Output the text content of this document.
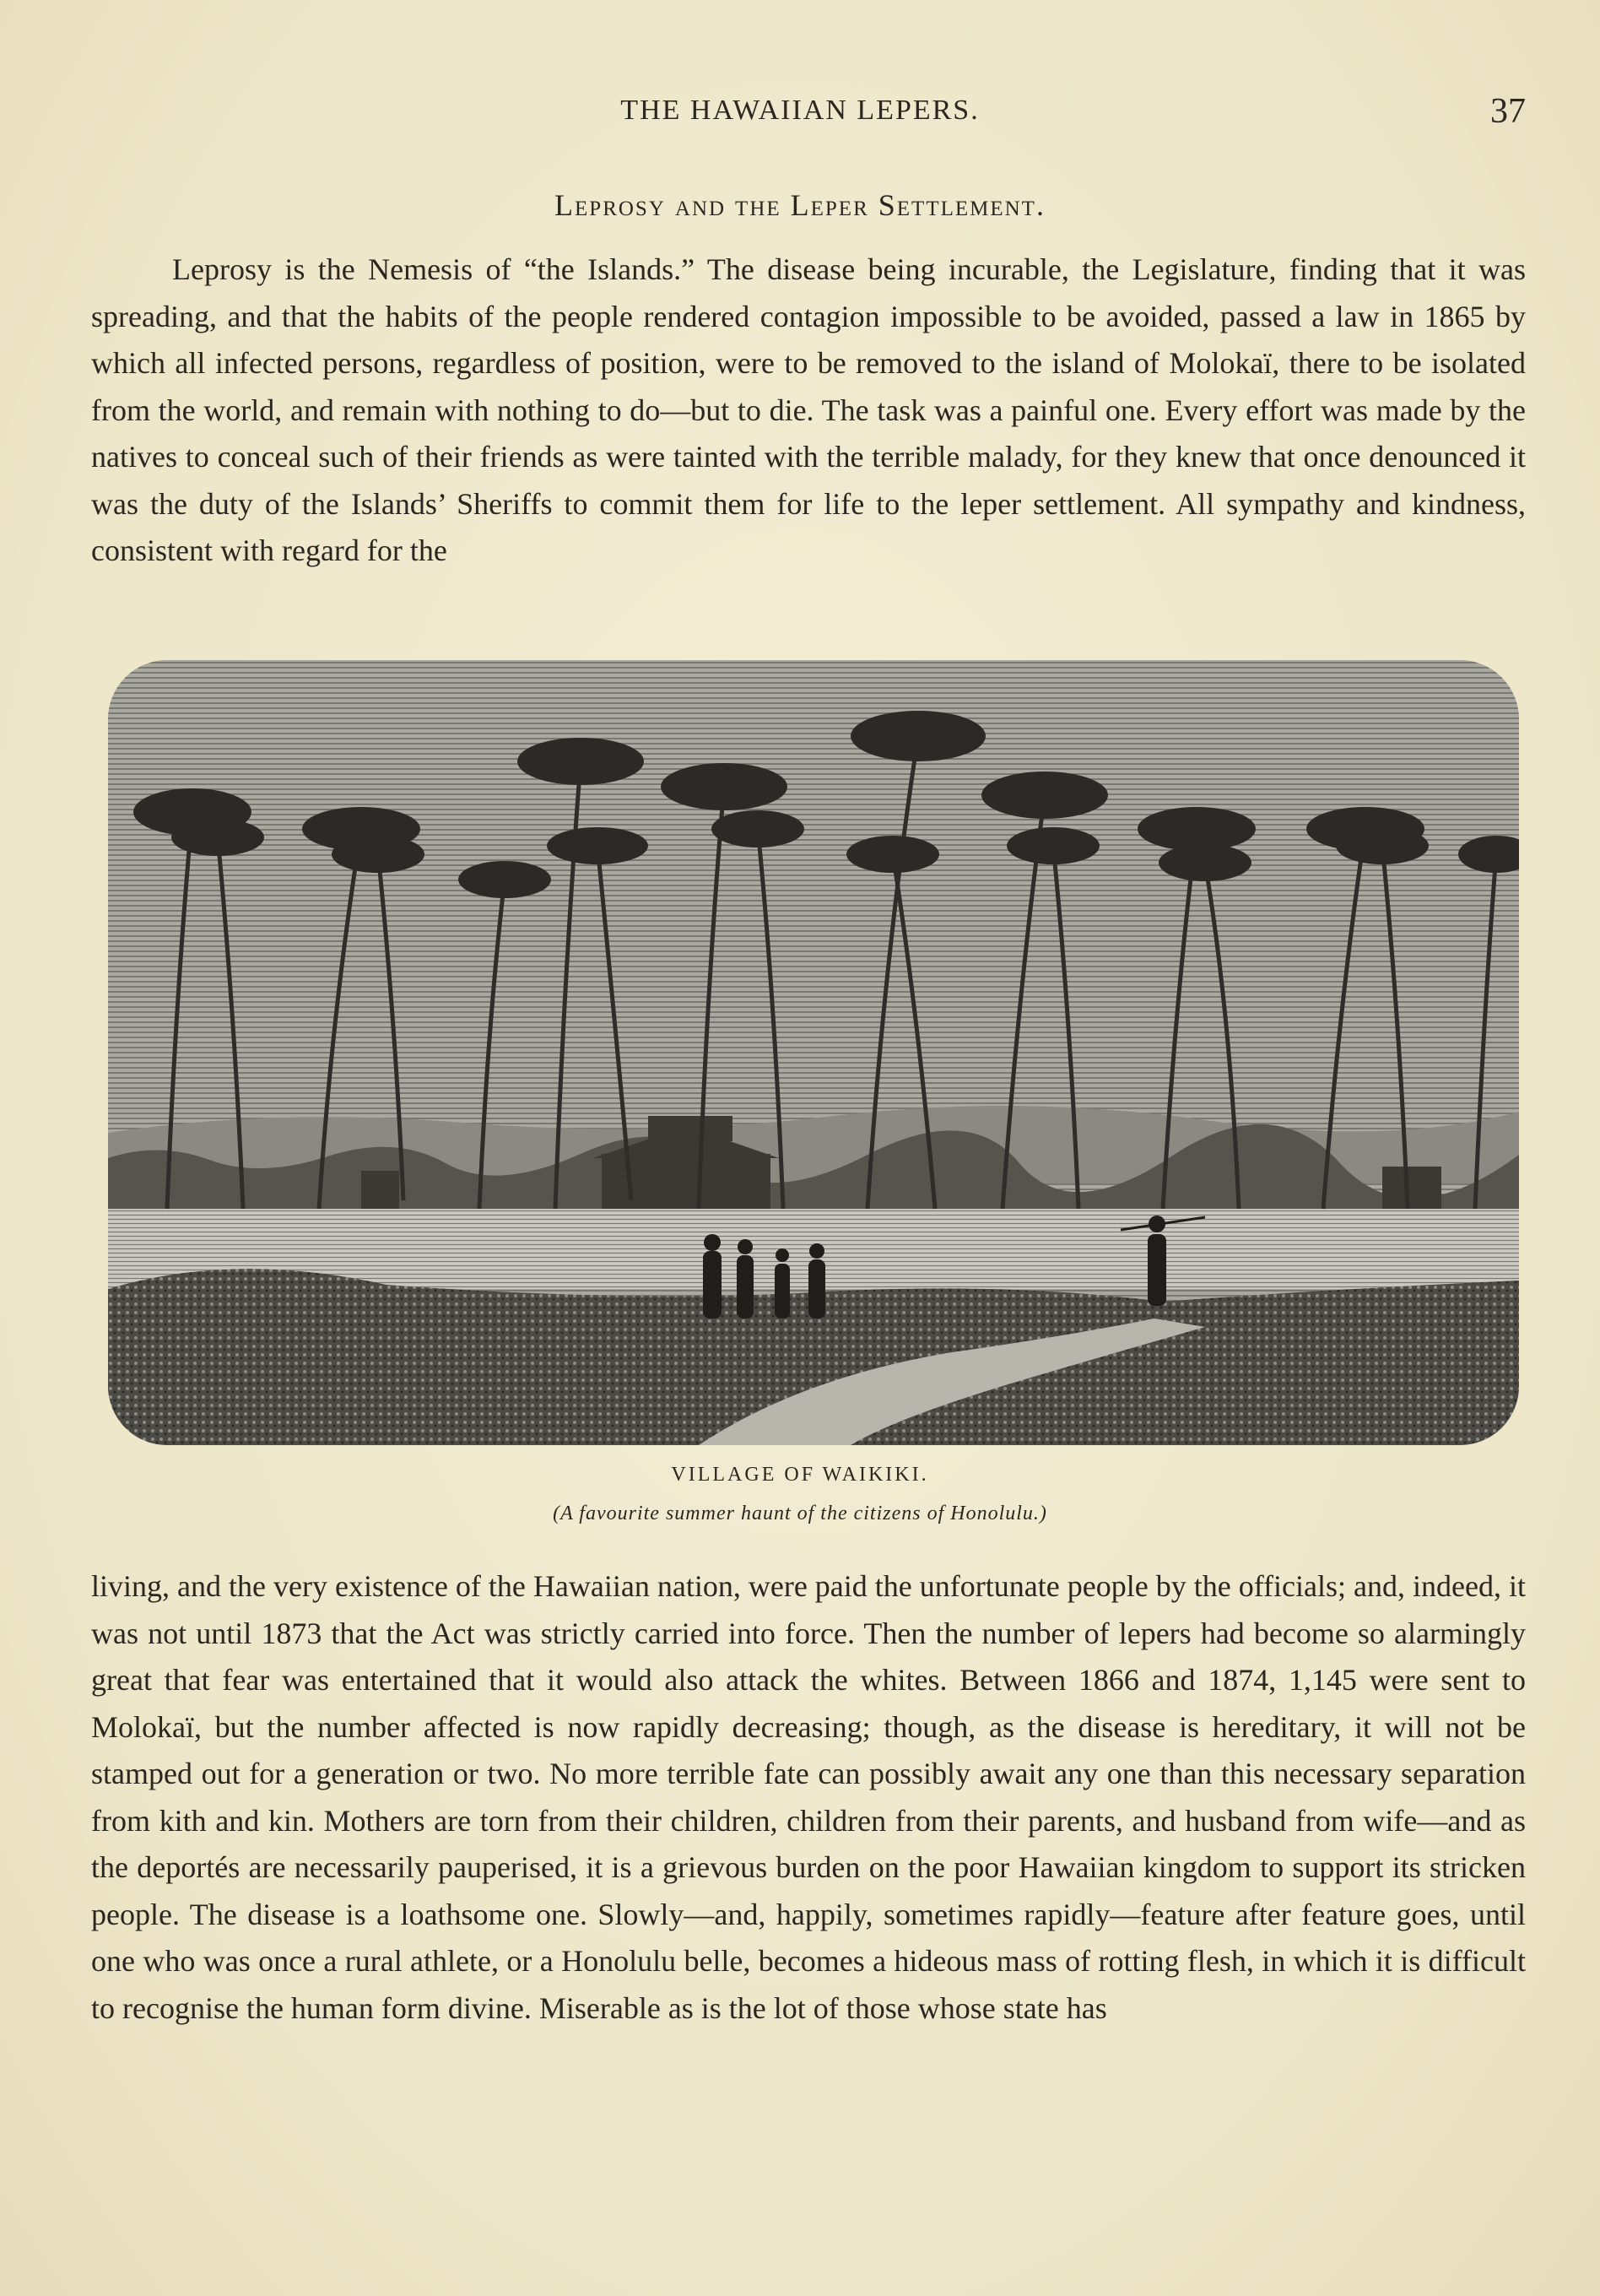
THE HAWAIIAN LEPERS.	37
Leprosy and the Leper Settlement.

Leprosy is the Nemesis of “the Islands.” The disease being incurable, the Legislature, finding that it was spreading, and that the habits of the people rendered contagion impossible to be avoided, passed a law in 1865 by which all infected persons, regardless of position, were to be removed to the island of Molokaï, there to be isolated from the world, and remain with nothing to do—but to die. The task was a painful one. Every effort was made by the natives to conceal such of their friends as were tainted with the terrible malady, for they knew that once denounced it was the duty of the Islands’ Sheriffs to commit them for life to the leper settlement. All sympathy and kindness, consistent with regard for the

VILLAGE OF WAIKIKI.
(A favourite summer haunt of the citizens of Honolulu.)

living, and the very existence of the Hawaiian nation, were paid the unfortunate people by the officials; and, indeed, it was not until 1873 that the Act was strictly carried into force. Then the number of lepers had become so alarmingly great that fear was entertained that it would also attack the whites. Between 1866 and 1874, 1,145 were sent to Molokaï, but the number affected is now rapidly decreasing; though, as the disease is hereditary, it will not be stamped out for a generation or two. No more terrible fate can possibly await any one than this necessary separation from kith and kin. Mothers are torn from their children, children from their parents, and husband from wife—and as the deportés are necessarily pauperised, it is a grievous burden on the poor Hawaiian kingdom to support its stricken people. The disease is a loathsome one. Slowly—and, happily, sometimes rapidly—feature after feature goes, until one who was once a rural athlete, or a Honolulu belle, becomes a hideous mass of rotting flesh, in which it is difficult to recognise the human form divine. Miserable as is the lot of those whose state has
